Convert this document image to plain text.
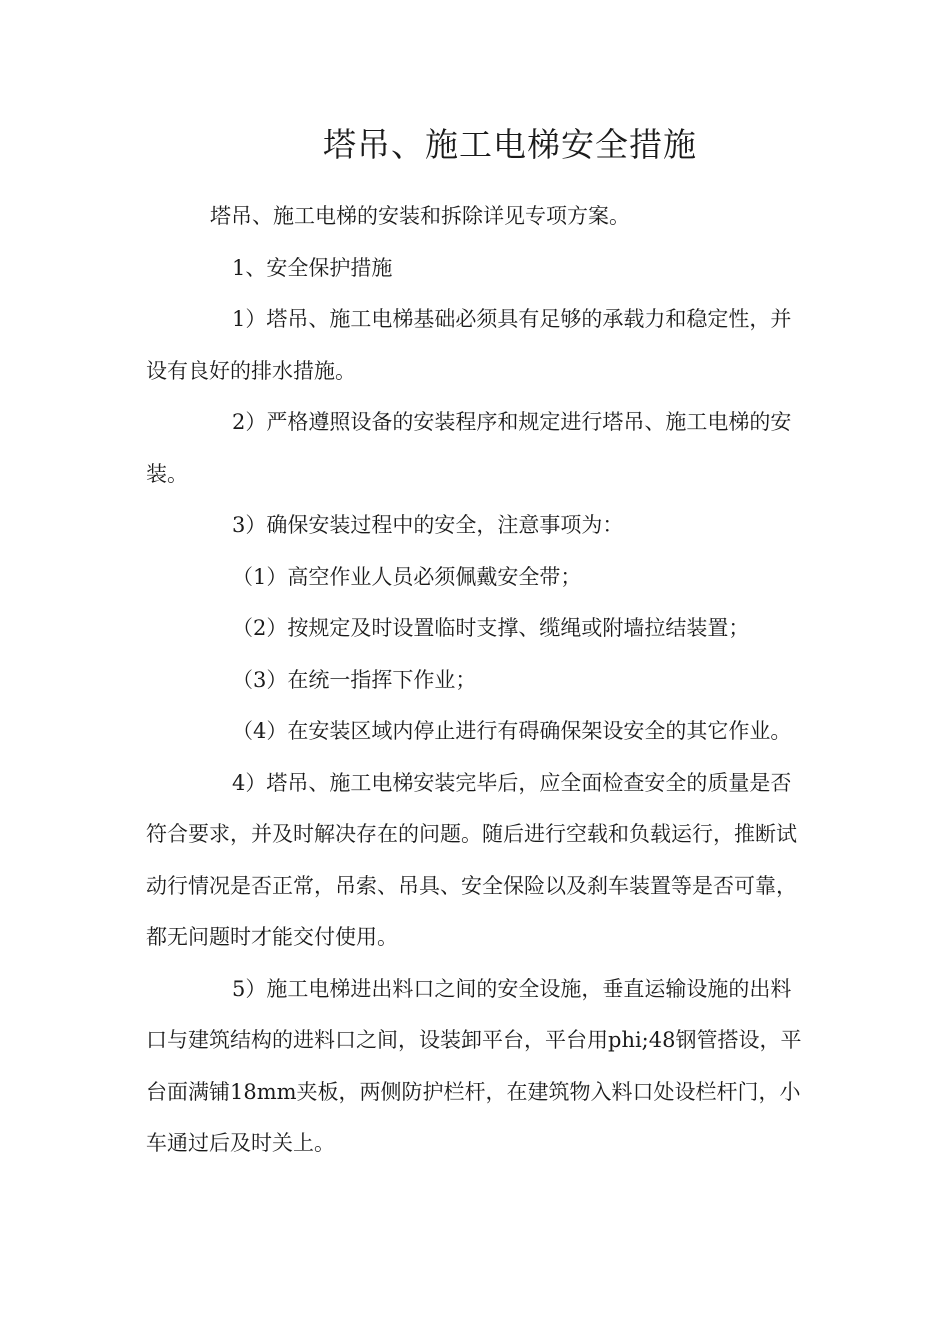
塔吊、施工电梯安全措施

塔吊、施工电梯的安装和拆除详见专项方案。

1、安全保护措施

1）塔吊、施工电梯基础必须具有足够的承载力和稳定性，并设有良好的排水措施。

2）严格遵照设备的安装程序和规定进行塔吊、施工电梯的安装。

3）确保安装过程中的安全，注意事项为：

（1）高空作业人员必须佩戴安全带；

（2）按规定及时设置临时支撑、缆绳或附墙拉结装置；

（3）在统一指挥下作业；

（4）在安装区域内停止进行有碍确保架设安全的其它作业。

4）塔吊、施工电梯安装完毕后，应全面检查安全的质量是否符合要求，并及时解决存在的问题。随后进行空载和负载运行，推断试动行情况是否正常，吊索、吊具、安全保险以及刹车装置等是否可靠，都无问题时才能交付使用。

5）施工电梯进出料口之间的安全设施，垂直运输设施的出料口与建筑结构的进料口之间，设装卸平台，平台用phi;48钢管搭设，平台面满铺18mm夹板，两侧防护栏杆，在建筑物入料口处设栏杆门，小车通过后及时关上。
